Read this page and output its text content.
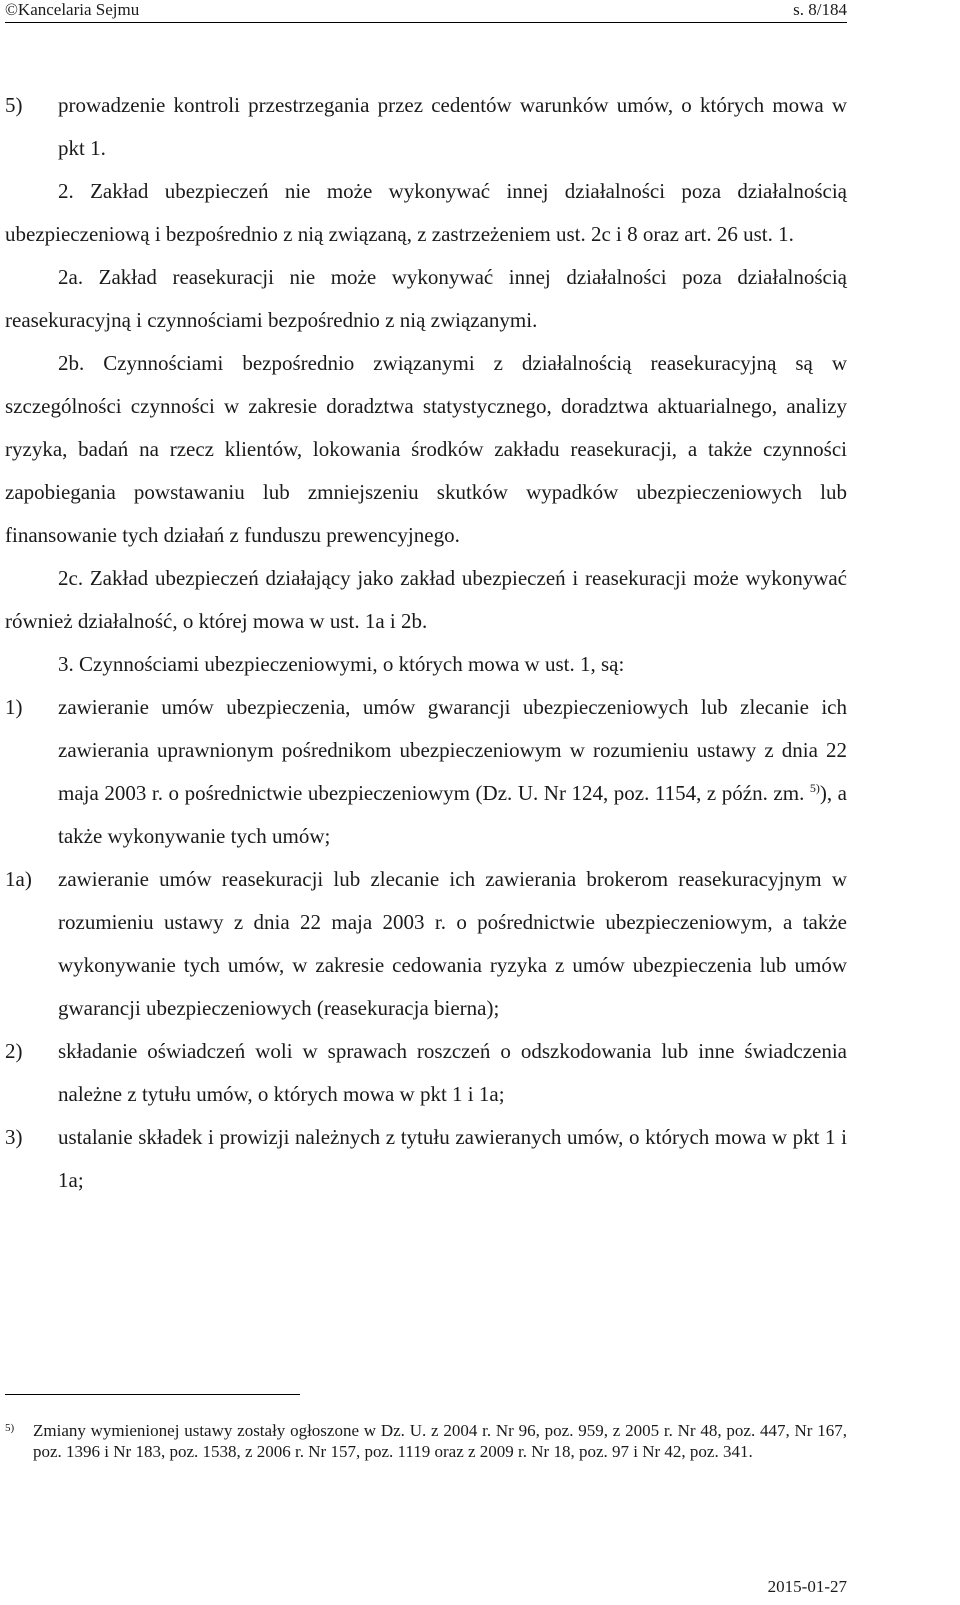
©Kancelaria Sejmu	s. 8/184
5)	prowadzenie kontroli przestrzegania przez cedentów warunków umów, o których mowa w pkt 1.

2. Zakład ubezpieczeń nie może wykonywać innej działalności poza działalnością ubezpieczeniową i bezpośrednio z nią związaną, z zastrzeżeniem ust. 2c i 8 oraz art. 26 ust. 1.

2a. Zakład reasekuracji nie może wykonywać innej działalności poza działalnością reasekuracyjną i czynnościami bezpośrednio z nią związanymi.

2b. Czynnościami bezpośrednio związanymi z działalnością reasekuracyjną są w szczególności czynności w zakresie doradztwa statystycznego, doradztwa aktuarialnego, analizy ryzyka, badań na rzecz klientów, lokowania środków zakładu reasekuracji, a także czynności zapobiegania powstawaniu lub zmniejszeniu skutków wypadków ubezpieczeniowych lub finansowanie tych działań z funduszu prewencyjnego.

2c. Zakład ubezpieczeń działający jako zakład ubezpieczeń i reasekuracji może wykonywać również działalność, o której mowa w ust. 1a i 2b.

3. Czynnościami ubezpieczeniowymi, o których mowa w ust. 1, są:

1)	zawieranie umów ubezpieczenia, umów gwarancji ubezpieczeniowych lub zlecanie ich zawierania uprawnionym pośrednikom ubezpieczeniowym w rozumieniu ustawy z dnia 22 maja 2003 r. o pośrednictwie ubezpieczeniowym (Dz. U. Nr 124, poz. 1154, z późn. zm. $^{5)}$), a także wykonywanie tych umów;
1a)	zawieranie umów reasekuracji lub zlecanie ich zawierania brokerom reasekuracyjnym w rozumieniu ustawy z dnia 22 maja 2003 r. o pośrednictwie ubezpieczeniowym, a także wykonywanie tych umów, w zakresie cedowania ryzyka z umów ubezpieczenia lub umów gwarancji ubezpieczeniowych (reasekuracja bierna);
2)	składanie oświadczeń woli w sprawach roszczeń o odszkodowania lub inne świadczenia należne z tytułu umów, o których mowa w pkt 1 i 1a;
3)	ustalanie składek i prowizji należnych z tytułu zawieranych umów, o których mowa w pkt 1 i 1a;
5)	Zmiany wymienionej ustawy zostały ogłoszone w Dz. U. z 2004 r. Nr 96, poz. 959, z 2005 r. Nr 48, poz. 447, Nr 167, poz. 1396 i Nr 183, poz. 1538, z 2006 r. Nr 157, poz. 1119 oraz z 2009 r. Nr 18, poz. 97 i Nr 42, poz. 341.
2015-01-27
